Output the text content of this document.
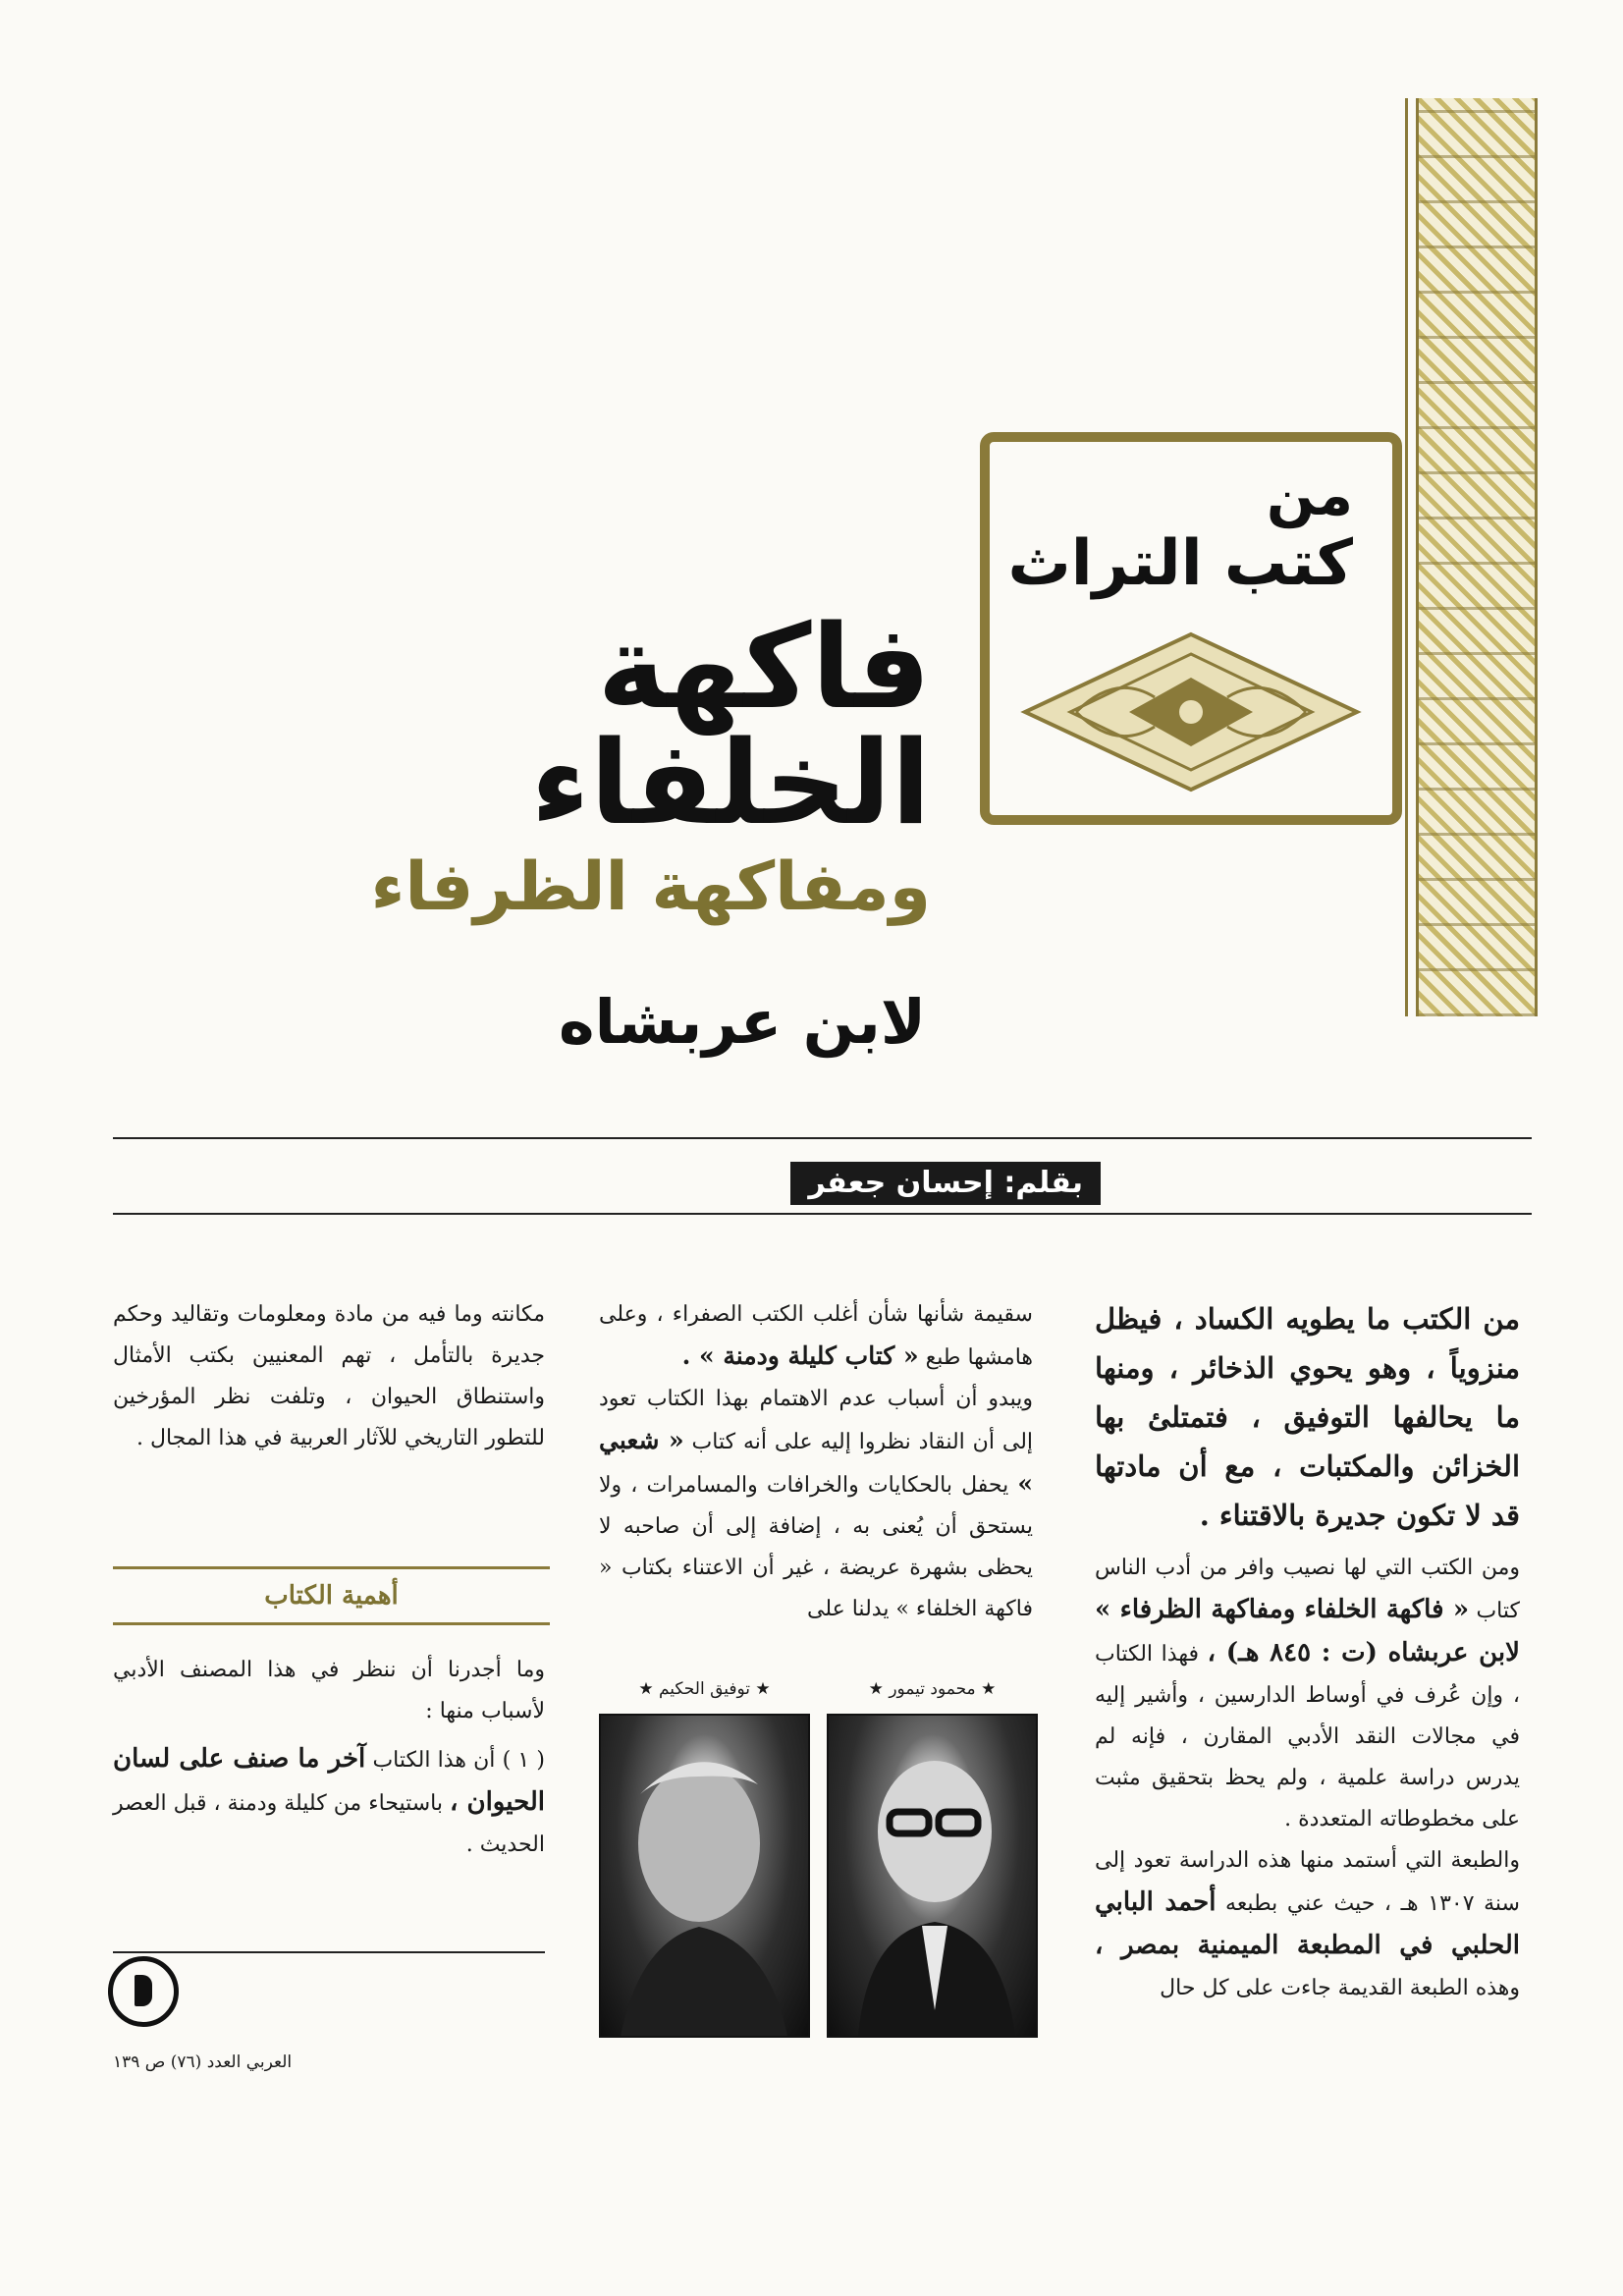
من
كتب التراث
فاكهة الخلفاء
ومفاكهة الظرفاء
لابن عربشاه
بقلم: إحسان جعفر

من الكتب ما يطويه الكساد ، فيظل منزوياً ، وهو يحوي الذخائر ، ومنها ما يحالفها التوفيق ، فتمتلئ بها الخزائن والمكتبات ، مع أن مادتها قد لا تكون جديرة بالاقتناء .

ومن الكتب التي لها نصيب وافر من أدب الناس كتاب « فاكهة الخلفاء ومفاكهة الظرفاء » لابن عربشاه (ت : ٨٤٥ هـ) ، فهذا الكتاب ، وإن عُرف في أوساط الدارسين ، وأشير إليه في مجالات النقد الأدبي المقارن ، فإنه لم يدرس دراسة علمية ، ولم يحظ بتحقيق مثبت على مخطوطاته المتعددة .

والطبعة التي أستمد منها هذه الدراسة تعود إلى سنة ١٣٠٧ هـ ، حيث عني بطبعه أحمد البابي الحلبي في المطبعة الميمنية بمصر ، وهذه الطبعة القديمة جاءت على كل حال

سقيمة شأنها شأن أغلب الكتب الصفراء ، وعلى هامشها طبع « كتاب كليلة ودمنة » .

ويبدو أن أسباب عدم الاهتمام بهذا الكتاب تعود إلى أن النقاد نظروا إليه على أنه كتاب « شعبي » يحفل بالحكايات والخرافات والمسامرات ، ولا يستحق أن يُعنى به ، إضافة إلى أن صاحبه لا يحظى بشهرة عريضة ، غير أن الاعتناء بكتاب « فاكهة الخلفاء » يدلنا على

★ محمود تيمور ★
★ توفيق الحكيم ★

مكانته وما فيه من مادة ومعلومات وتقاليد وحكم جديرة بالتأمل ، تهم المعنيين بكتب الأمثال واستنطاق الحيوان ، وتلفت نظر المؤرخين للتطور التاريخي للآثار العربية في هذا المجال .

أهمية الكتاب

وما أجدرنا أن ننظر في هذا المصنف الأدبي لأسباب منها :

( ١ ) أن هذا الكتاب آخر ما صنف على لسان الحيوان ، باستيحاء من كليلة ودمنة ، قبل العصر الحديث .

العربي العدد (٧٦) ص ١٣٩
